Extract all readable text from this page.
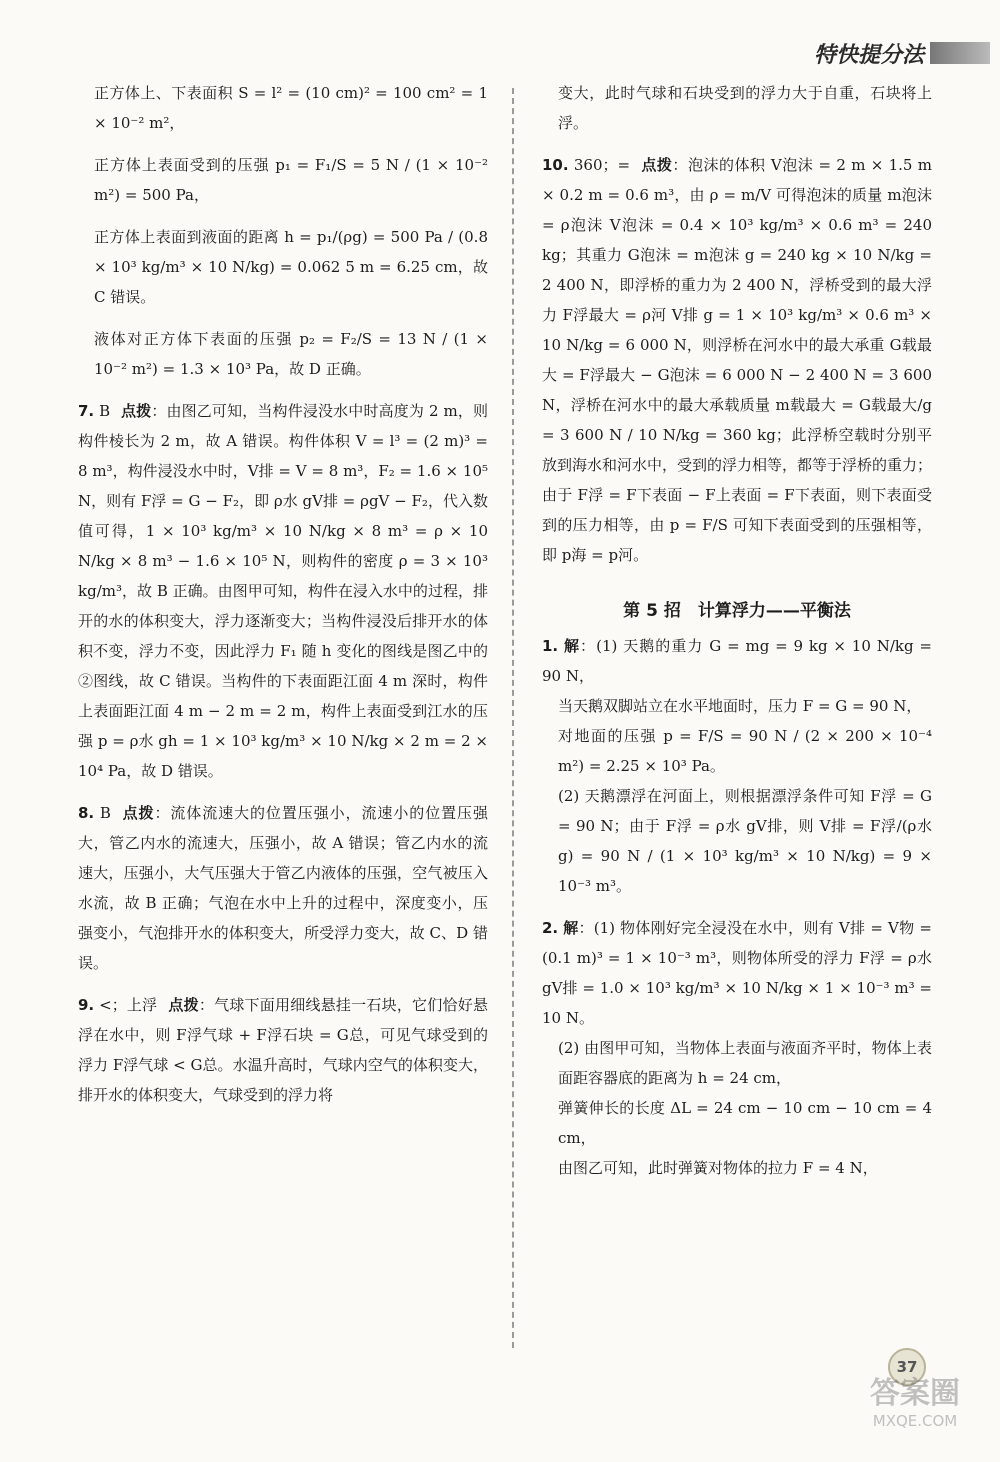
特快提分法

正方体上、下表面积 S = l² = (10 cm)² = 100 cm² = 1 × 10⁻² m²，

正方体上表面受到的压强 p₁ = F₁/S = 5 N / (1 × 10⁻² m²) = 500 Pa，

正方体上表面到液面的距离 h = p₁/(ρg) = 500 Pa / (0.8 × 10³ kg/m³ × 10 N/kg) = 0.062 5 m = 6.25 cm，故 C 错误。

液体对正方体下表面的压强 p₂ = F₂/S = 13 N / (1 × 10⁻² m²) = 1.3 × 10³ Pa，故 D 正确。

7. B 点拨：由图乙可知，当构件浸没水中时高度为 2 m，则构件棱长为 2 m，故 A 错误。构件体积 V = l³ = (2 m)³ = 8 m³，构件浸没水中时，V排 = V = 8 m³，F₂ = 1.6 × 10⁵ N，则有 F浮 = G − F₂，即 ρ水 gV排 = ρgV − F₂，代入数值可得，1 × 10³ kg/m³ × 10 N/kg × 8 m³ = ρ × 10 N/kg × 8 m³ − 1.6 × 10⁵ N，则构件的密度 ρ = 3 × 10³ kg/m³，故 B 正确。由图甲可知，构件在浸入水中的过程，排开的水的体积变大，浮力逐渐变大；当构件浸没后排开水的体积不变，浮力不变，因此浮力 F₁ 随 h 变化的图线是图乙中的②图线，故 C 错误。当构件的下表面距江面 4 m 深时，构件上表面距江面 4 m − 2 m = 2 m，构件上表面受到江水的压强 p = ρ水 gh = 1 × 10³ kg/m³ × 10 N/kg × 2 m = 2 × 10⁴ Pa，故 D 错误。

8. B 点拨：流体流速大的位置压强小，流速小的位置压强大，管乙内水的流速大，压强小，故 A 错误；管乙内水的流速大，压强小，大气压强大于管乙内液体的压强，空气被压入水流，故 B 正确；气泡在水中上升的过程中，深度变小，压强变小，气泡排开水的体积变大，所受浮力变大，故 C、D 错误。

9. <；上浮 点拨：气球下面用细线悬挂一石块，它们恰好悬浮在水中，则 F浮气球 + F浮石块 = G总，可见气球受到的浮力 F浮气球 < G总。水温升高时，气球内空气的体积变大，排开水的体积变大，气球受到的浮力将

变大，此时气球和石块受到的浮力大于自重，石块将上浮。

10. 360；= 点拨：泡沫的体积 V泡沫 = 2 m × 1.5 m × 0.2 m = 0.6 m³，由 ρ = m/V 可得泡沫的质量 m泡沫 = ρ泡沫 V泡沫 = 0.4 × 10³ kg/m³ × 0.6 m³ = 240 kg；其重力 G泡沫 = m泡沫 g = 240 kg × 10 N/kg = 2 400 N，即浮桥的重力为 2 400 N，浮桥受到的最大浮力 F浮最大 = ρ河 V排 g = 1 × 10³ kg/m³ × 0.6 m³ × 10 N/kg = 6 000 N，则浮桥在河水中的最大承重 G载最大 = F浮最大 − G泡沫 = 6 000 N − 2 400 N = 3 600 N，浮桥在河水中的最大承载质量 m载最大 = G载最大/g = 3 600 N / 10 N/kg = 360 kg；此浮桥空载时分别平放到海水和河水中，受到的浮力相等，都等于浮桥的重力；由于 F浮 = F下表面 − F上表面 = F下表面，则下表面受到的压力相等，由 p = F/S 可知下表面受到的压强相等，即 p海 = p河。

第 5 招　计算浮力——平衡法

1. 解：(1) 天鹅的重力 G = mg = 9 kg × 10 N/kg = 90 N，

当天鹅双脚站立在水平地面时，压力 F = G = 90 N，

对地面的压强 p = F/S = 90 N / (2 × 200 × 10⁻⁴ m²) = 2.25 × 10³ Pa。

(2) 天鹅漂浮在河面上，则根据漂浮条件可知 F浮 = G = 90 N；由于 F浮 = ρ水 gV排，则 V排 = F浮/(ρ水 g) = 90 N / (1 × 10³ kg/m³ × 10 N/kg) = 9 × 10⁻³ m³。

2. 解：(1) 物体刚好完全浸没在水中，则有 V排 = V物 = (0.1 m)³ = 1 × 10⁻³ m³，则物体所受的浮力 F浮 = ρ水 gV排 = 1.0 × 10³ kg/m³ × 10 N/kg × 1 × 10⁻³ m³ = 10 N。

(2) 由图甲可知，当物体上表面与液面齐平时，物体上表面距容器底的距离为 h = 24 cm，

弹簧伸长的长度 ΔL = 24 cm − 10 cm − 10 cm = 4 cm，

由图乙可知，此时弹簧对物体的拉力 F = 4 N，

37
答案圈
MXQE.COM
